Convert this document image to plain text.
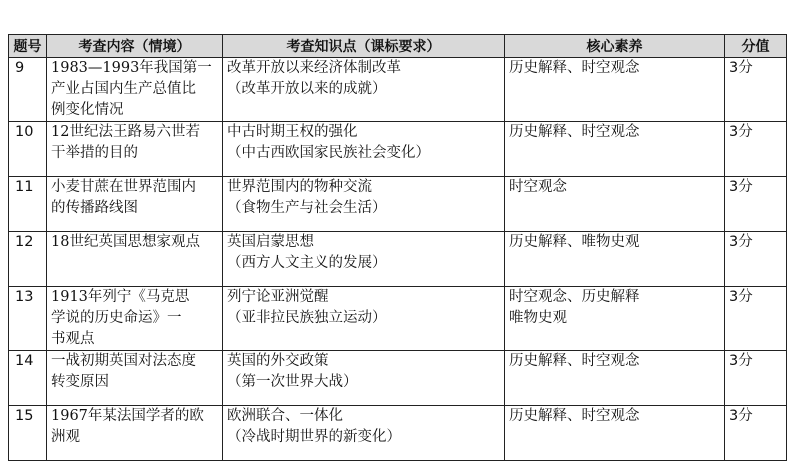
题号	考查内容（情境）	考查知识点（课标要求）	核心素养	分值
9	1983—1993年我国第一
产业占国内生产总值比
例变化情况	改革开放以来经济体制改革
（改革开放以来的成就）	历史解释、时空观念	3分
10	12世纪法王路易六世若
干举措的目的	中古时期王权的强化
（中古西欧国家民族社会变化）	历史解释、时空观念	3分
11	小麦甘蔗在世界范围内
的传播路线图	世界范围内的物种交流
（食物生产与社会生活）	时空观念	3分
12	18世纪英国思想家观点	英国启蒙思想
（西方人文主义的发展）	历史解释、唯物史观	3分
13	1913年列宁《马克思
学说的历史命运》一
书观点	列宁论亚洲觉醒
（亚非拉民族独立运动）	时空观念、历史解释
唯物史观	3分
14	一战初期英国对法态度
转变原因	英国的外交政策
（第一次世界大战）	历史解释、时空观念	3分
15	1967年某法国学者的欧
洲观	欧洲联合、一体化
（冷战时期世界的新变化）	历史解释、时空观念	3分
